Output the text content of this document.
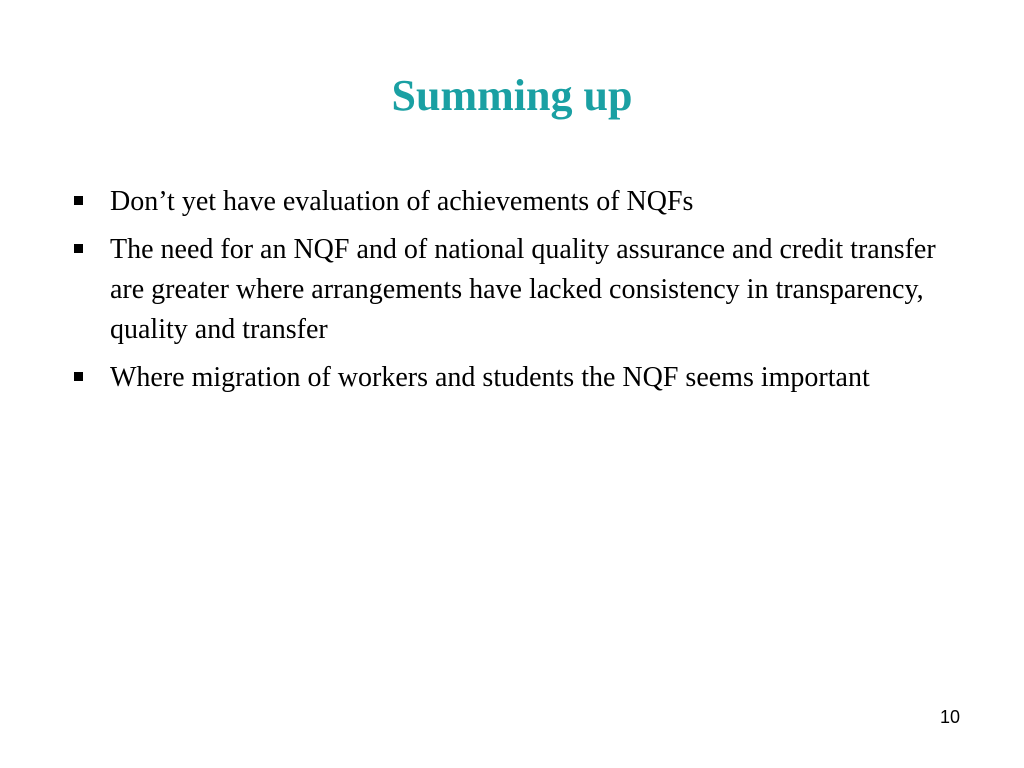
Summing up
Don’t yet have evaluation of achievements of NQFs
The need for an NQF and of national quality assurance and credit transfer are greater where arrangements have lacked consistency in transparency, quality and transfer
Where migration of workers and students the NQF seems important
10
